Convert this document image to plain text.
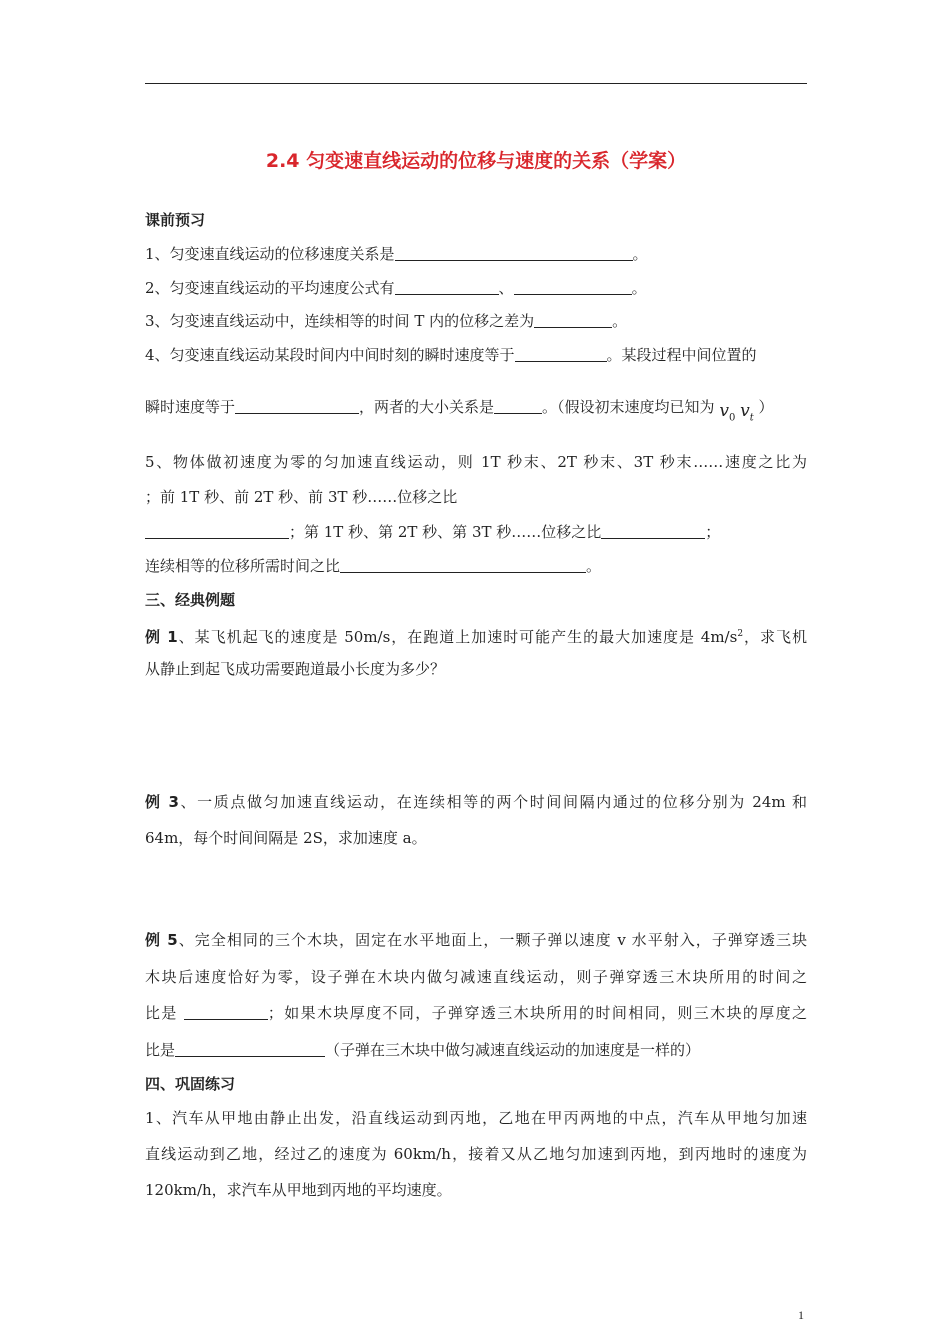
2.4 匀变速直线运动的位移与速度的关系（学案）
课前预习
1、匀变速直线运动的位移速度关系是	。
2、匀变速直线运动的平均速度公式有	、	。
3、匀变速直线运动中，连续相等的时间 T 内的位移之差为	。
4、匀变速直线运动某段时间内中间时刻的瞬时速度等于	。某段过程中间位置的
瞬时速度等于	，两者的大小关系是	。（假设初末速度均已知为 $v_0$ $v_t$ ）
5、物体做初速度为零的匀加速直线运动，则 1T 秒末、2T 秒末、3T 秒末……速度之比为
；前 1T 秒、前 2T 秒、前 3T 秒……位移之比
；第 1T 秒、第 2T 秒、第 3T 秒……位移之比	；
连续相等的位移所需时间之比	。
三、经典例题
例 1、某飞机起飞的速度是 50m/s，在跑道上加速时可能产生的最大加速度是 $4m/s^2$，求飞机
从静止到起飞成功需要跑道最小长度为多少？
例 3、一质点做匀加速直线运动，在连续相等的两个时间间隔内通过的位移分别为 24m 和
64m，每个时间间隔是 2S，求加速度 a。
例 5、完全相同的三个木块，固定在水平地面上，一颗子弹以速度 v 水平射入，子弹穿透三块
木块后速度恰好为零，设子弹在木块内做匀减速直线运动，则子弹穿透三木块所用的时间之
比是	；如果木块厚度不同，子弹穿透三木块所用的时间相同，则三木块的厚度之
比是	（子弹在三木块中做匀减速直线运动的加速度是一样的）
四、巩固练习
1、汽车从甲地由静止出发，沿直线运动到丙地，乙地在甲丙两地的中点，汽车从甲地匀加速
直线运动到乙地，经过乙的速度为 60km/h，接着又从乙地匀加速到丙地，到丙地时的速度为
120km/h，求汽车从甲地到丙地的平均速度。
1
